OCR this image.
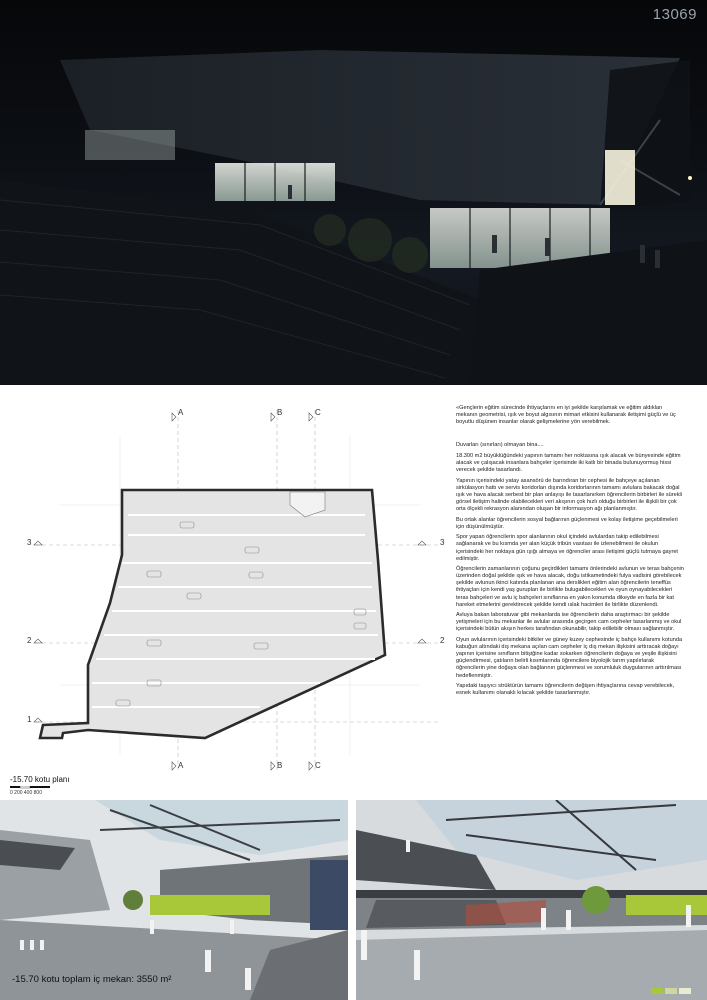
13069
A	B	C
A	B	C
3	3
2	2
1
-15.70 kotu planı
0 200 400 800

«Gençlerin eğitim sürecinde ihtiyaçlarını en iyi şekilde karşılamak ve eğitim aldıkları mekanın geometrisi, ışık ve boyut algısının mimari etkisini kullanarak iletişimi güçlü ve üç boyutlu düşünen insanlar olarak gelişmelerine yön verebilmek.

Duvarları (sınırları) olmayan bina....

18.300 m2 büyüklüğündeki yapının tamamı her noktasına ışık alacak ve bünyesinde eğitim alacak ve çalışacak insanlara bahçeler içerisinde iki katlı bir binada bulunuyormuş hissi verecek şekilde tasarlandı.

Yapının içerisindeki yatay asansörü de barındıran bir cephesi ile bahçeye açılanan sirkülasyon hattı ve servis koridorları dışında koridorlarının tamamı avlulara bakacak doğal ışık ve hava alacak serbest bir plan anlayışı ile tasarlanırken öğrencilerin birbirleri ile sürekli görsel iletişim halinde olabilecekleri veri akışının çok hızlı olduğu birbirleri ile ilişkili bir çok orta ölçekli rekrasyon alanından oluşan bir informasyon ağı planlanmıştır.

Bu ortak alanlar öğrencilerin sosyal bağlarının güçlenmesi ve kolay iletişime geçebilmeleri için düşünülmüştür.

Spor yapan öğrencilerin spor alanlarının okul içindeki avlulardan takip edilebilmesi sağlanarak ve bu kısmda yer alan küçük tribün vasıtası ile izlenebilmesi ile okulun içerisindeki her noktaya gün ışığı almaya ve öğrenciler arası iletişimi güçlü tutmaya gayret edilmiştir.

Öğrencilerin zamanlarının çoğunu geçirdikleri tamamı önlerindeki avlunun ve teras bahçenin üzerinden doğal şekilde ışık ve hava alacak, doğu istikametindeki fulya vadisini görebilecek şekilde avlunun ikinci katında planlanan ana derslikleri eğitim alan öğrencilerin teneffüs ihtiyaçları için kendi yaş gurupları ile birlikte bulugabilecekleri ve oyun oynayabilecekleri teras bahçeleri ve avlu iç bahçeleri sınıflarına en yakın konumda dikeyde en fazla bir kat hareket etmelerini gerektirecek şekilde kendi ıslak hacimleri ile birlikte düzenlendi.

Avluya bakan laboratuvar gibi mekanlarda ise öğrencilerin daha araştırmacı bir şekilde yetişmeleri için bu mekanlar ile avlular arasında geçirgen cam cepheler tasarlanmış ve okul içerisindeki bütün akışın herkes tarafından okunabilir, takip edilebilir olması sağlanmıştır.

Oyun avlularının içerisindeki bitkiler ve güney kuzey cephesinde iç bahçe kullanımı kotunda kabuğun altındaki dış mekana açılan cam cepheler iç dış mekan ilişkisini arttıracak doğayı yapının içerisine sınıfların bitişiğine kadar sokarken öğrencilerin doğaya ve yeşile ilişkisini güçlendirmesi, çatıların belirli kısımlarında öğrencilere biyolojik tarım yapılırlarak öğrencilerin yine doğaya olan bağlarının güçlenmesi ve sorumluluk duygularının arttırılması hedeflenmiştir.

Yapıdaki taşıyıcı strüktürün tamamı öğrencilerin değişen ihtiyaçlarına cevap verebilecek, esnek kullanımı olanaklı kılacak şekilde tasarlanmıştır.

-15.70 kotu toplam iç mekan: 3550 m²
